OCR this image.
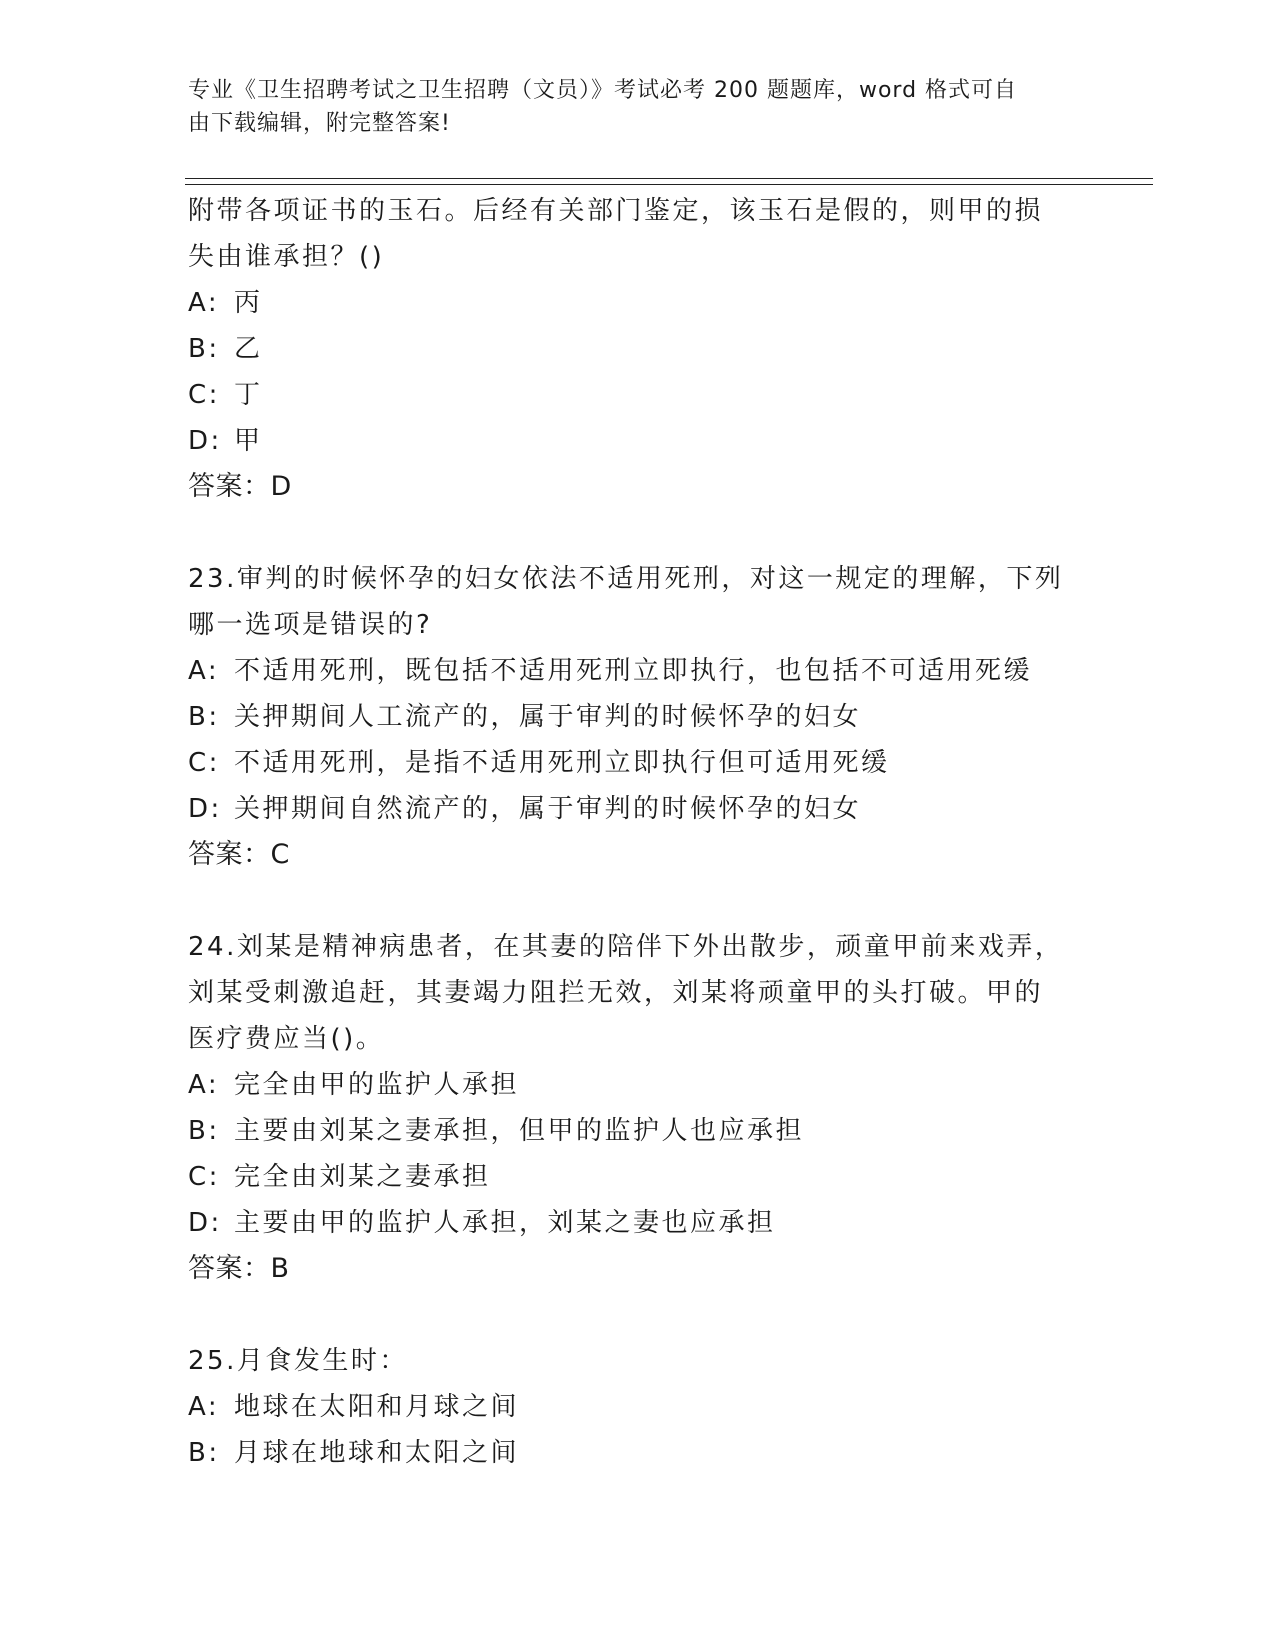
专业《卫生招聘考试之卫生招聘（文员）》考试必考 200 题题库，word 格式可自
由下载编辑，附完整答案!
附带各项证书的玉石。后经有关部门鉴定，该玉石是假的，则甲的损
失由谁承担？()
A: 丙
B: 乙
C: 丁
D: 甲
答案：D
23.审判的时候怀孕的妇女依法不适用死刑，对这一规定的理解，下列
哪一选项是错误的?
A: 不适用死刑，既包括不适用死刑立即执行，也包括不可适用死缓
B: 关押期间人工流产的，属于审判的时候怀孕的妇女
C: 不适用死刑，是指不适用死刑立即执行但可适用死缓
D: 关押期间自然流产的，属于审判的时候怀孕的妇女
答案：C
24.刘某是精神病患者，在其妻的陪伴下外出散步，顽童甲前来戏弄，
刘某受刺激追赶，其妻竭力阻拦无效，刘某将顽童甲的头打破。甲的
医疗费应当()。
A: 完全由甲的监护人承担
B: 主要由刘某之妻承担，但甲的监护人也应承担
C: 完全由刘某之妻承担
D: 主要由甲的监护人承担，刘某之妻也应承担
答案：B
25.月食发生时：
A: 地球在太阳和月球之间
B: 月球在地球和太阳之间
